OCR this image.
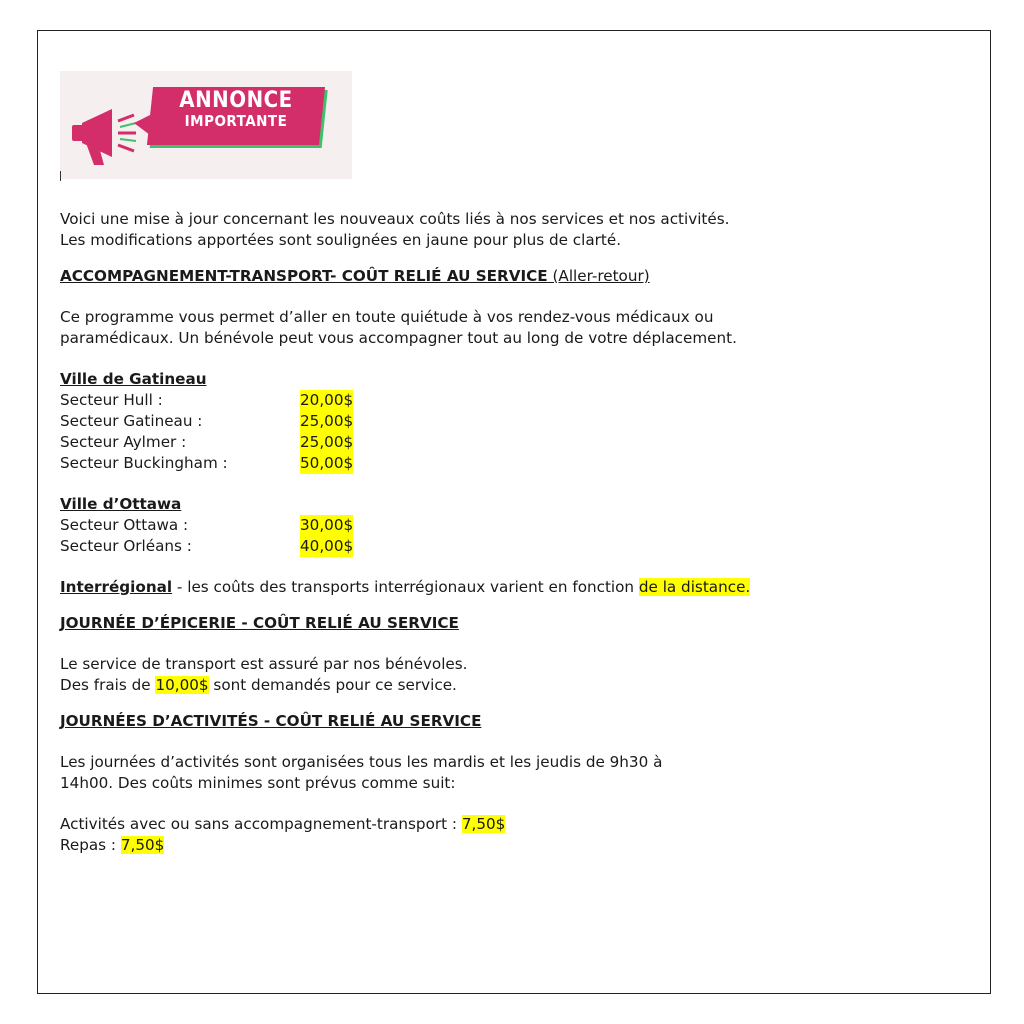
ANNONCE
IMPORTANTE

Voici une mise à jour concernant les nouveaux coûts liés à nos services et nos activités.

Les modifications apportées sont soulignées en jaune pour plus de clarté.

ACCOMPAGNEMENT-TRANSPORT- COÛT RELIÉ AU SERVICE (Aller-retour)

Ce programme vous permet d’aller en toute quiétude à vos rendez-vous médicaux ou

paramédicaux. Un bénévole peut vous accompagner tout au long de votre déplacement.

Ville de Gatineau
Secteur Hull :	20,00$
Secteur Gatineau :	25,00$
Secteur Aylmer :	25,00$
Secteur Buckingham :	50,00$
Ville d’Ottawa
Secteur Ottawa :	30,00$
Secteur Orléans :	40,00$

Interrégional - les coûts des transports interrégionaux varient en fonction de la distance.

JOURNÉE D’ÉPICERIE - COÛT RELIÉ AU SERVICE

Le service de transport est assuré par nos bénévoles.

Des frais de 10,00$ sont demandés pour ce service.

JOURNÉES D’ACTIVITÉS - COÛT RELIÉ AU SERVICE

Les journées d’activités sont organisées tous les mardis et les jeudis de 9h30 à

14h00. Des coûts minimes sont prévus comme suit:

Activités avec ou sans accompagnement-transport : 7,50$

Repas : 7,50$
